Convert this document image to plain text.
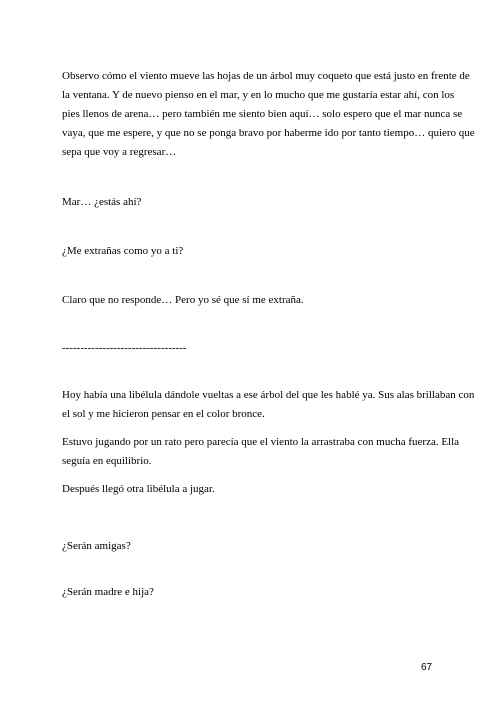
Observo cómo el viento mueve las hojas de un árbol muy coqueto que está justo en frente de
la ventana. Y de nuevo pienso en el mar, y en lo mucho que me gustaría estar ahí, con los
pies llenos de arena… pero también me siento bien aquí… solo espero que el mar nunca se
vaya, que me espere, y que no se ponga bravo por haberme ido por tanto tiempo… quiero que
sepa que voy a regresar…

Mar… ¿estás ahí?

¿Me extrañas como yo a ti?

Claro que no responde… Pero yo sé que sí me extraña.

----------------------------------

Hoy había una libélula dándole vueltas a ese árbol del que les hablé ya. Sus alas brillaban con
el sol y me hicieron pensar en el color bronce.

Estuvo jugando por un rato pero parecía que el viento la arrastraba con mucha fuerza. Ella
seguía en equilibrio.

Después llegó otra libélula a jugar.

¿Serán amigas?

¿Serán madre e hija?

67
